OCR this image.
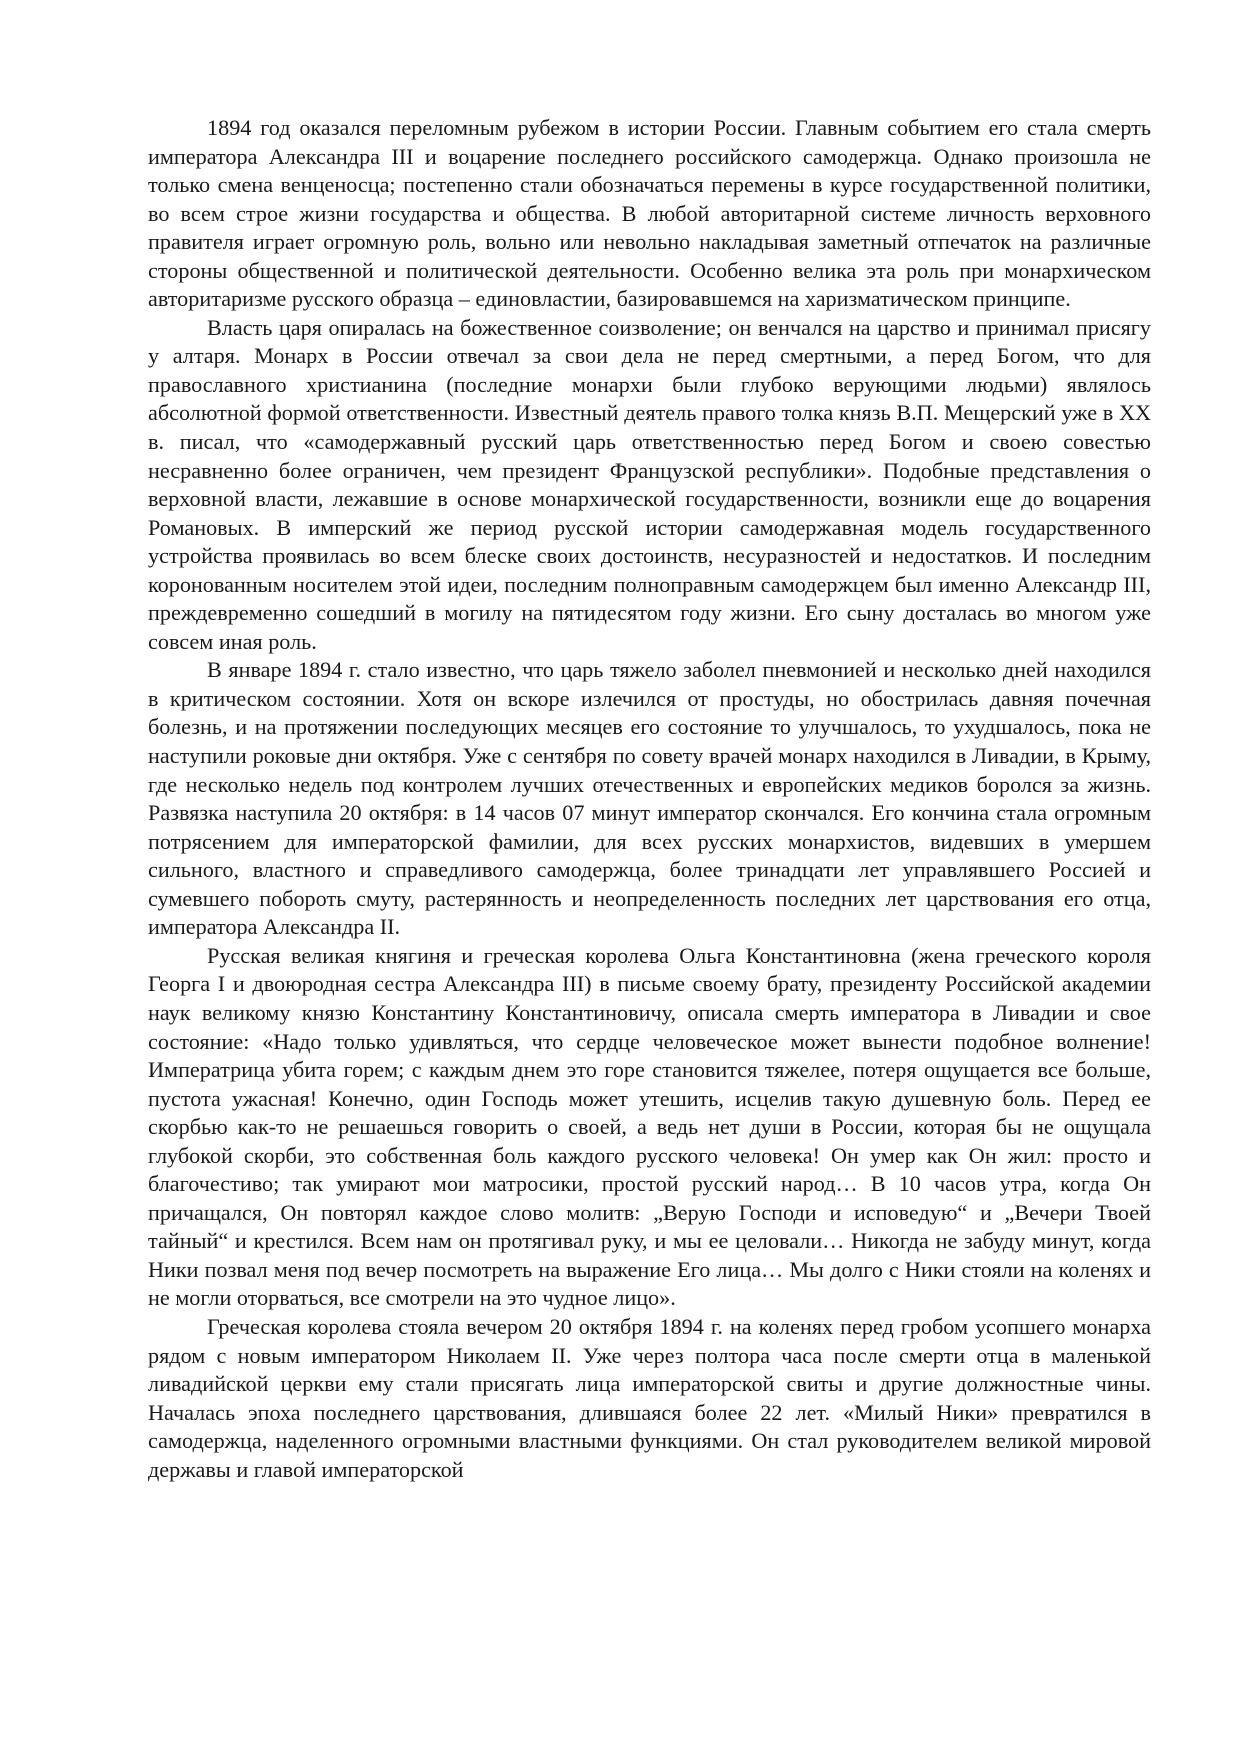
1894 год оказался переломным рубежом в истории России. Главным событием его стала смерть императора Александра III и воцарение последнего российского самодержца. Однако произошла не только смена венценосца; постепенно стали обозначаться перемены в курсе государственной политики, во всем строе жизни государства и общества. В любой авторитарной системе личность верховного правителя играет огромную роль, вольно или невольно накладывая заметный отпечаток на различные стороны общественной и политической деятельности. Особенно велика эта роль при монархическом авторитаризме русского образца – единовластии, базировавшемся на харизматическом принципе.

Власть царя опиралась на божественное соизволение; он венчался на царство и принимал присягу у алтаря. Монарх в России отвечал за свои дела не перед смертными, а перед Богом, что для православного христианина (последние монархи были глубоко верующими людьми) являлось абсолютной формой ответственности. Известный деятель правого толка князь В.П. Мещерский уже в XX в. писал, что «самодержавный русский царь ответственностью перед Богом и своею совестью несравненно более ограничен, чем президент Французской республики». Подобные представления о верховной власти, лежавшие в основе монархической государственности, возникли еще до воцарения Романовых. В имперский же период русской истории самодержавная модель государственного устройства проявилась во всем блеске своих достоинств, несуразностей и недостатков. И последним коронованным носителем этой идеи, последним полноправным самодержцем был именно Александр III, преждевременно сошедший в могилу на пятидесятом году жизни. Его сыну досталась во многом уже совсем иная роль.

В январе 1894 г. стало известно, что царь тяжело заболел пневмонией и несколько дней находился в критическом состоянии. Хотя он вскоре излечился от простуды, но обострилась давняя почечная болезнь, и на протяжении последующих месяцев его состояние то улучшалось, то ухудшалось, пока не наступили роковые дни октября. Уже с сентября по совету врачей монарх находился в Ливадии, в Крыму, где несколько недель под контролем лучших отечественных и европейских медиков боролся за жизнь. Развязка наступила 20 октября: в 14 часов 07 минут император скончался. Его кончина стала огромным потрясением для императорской фамилии, для всех русских монархистов, видевших в умершем сильного, властного и справедливого самодержца, более тринадцати лет управлявшего Россией и сумевшего побороть смуту, растерянность и неопределенность последних лет царствования его отца, императора Александра II.

Русская великая княгиня и греческая королева Ольга Константиновна (жена греческого короля Георга I и двоюродная сестра Александра III) в письме своему брату, президенту Российской академии наук великому князю Константину Константиновичу, описала смерть императора в Ливадии и свое состояние: «Надо только удивляться, что сердце человеческое может вынести подобное волнение! Императрица убита горем; с каждым днем это горе становится тяжелее, потеря ощущается все больше, пустота ужасная! Конечно, один Господь может утешить, исцелив такую душевную боль. Перед ее скорбью как-то не решаешься говорить о своей, а ведь нет души в России, которая бы не ощущала глубокой скорби, это собственная боль каждого русского человека! Он умер как Он жил: просто и благочестиво; так умирают мои матросики, простой русский народ… В 10 часов утра, когда Он причащался, Он повторял каждое слово молитв: „Верую Господи и исповедую“ и „Вечери Твоей тайный“ и крестился. Всем нам он протягивал руку, и мы ее целовали… Никогда не забуду минут, когда Ники позвал меня под вечер посмотреть на выражение Его лица… Мы долго с Ники стояли на коленях и не могли оторваться, все смотрели на это чудное лицо».

Греческая королева стояла вечером 20 октября 1894 г. на коленях перед гробом усопшего монарха рядом с новым императором Николаем II. Уже через полтора часа после смерти отца в маленькой ливадийской церкви ему стали присягать лица императорской свиты и другие должностные чины. Началась эпоха последнего царствования, длившаяся более 22 лет. «Милый Ники» превратился в самодержца, наделенного огромными властными функциями. Он стал руководителем великой мировой державы и главой императорской
